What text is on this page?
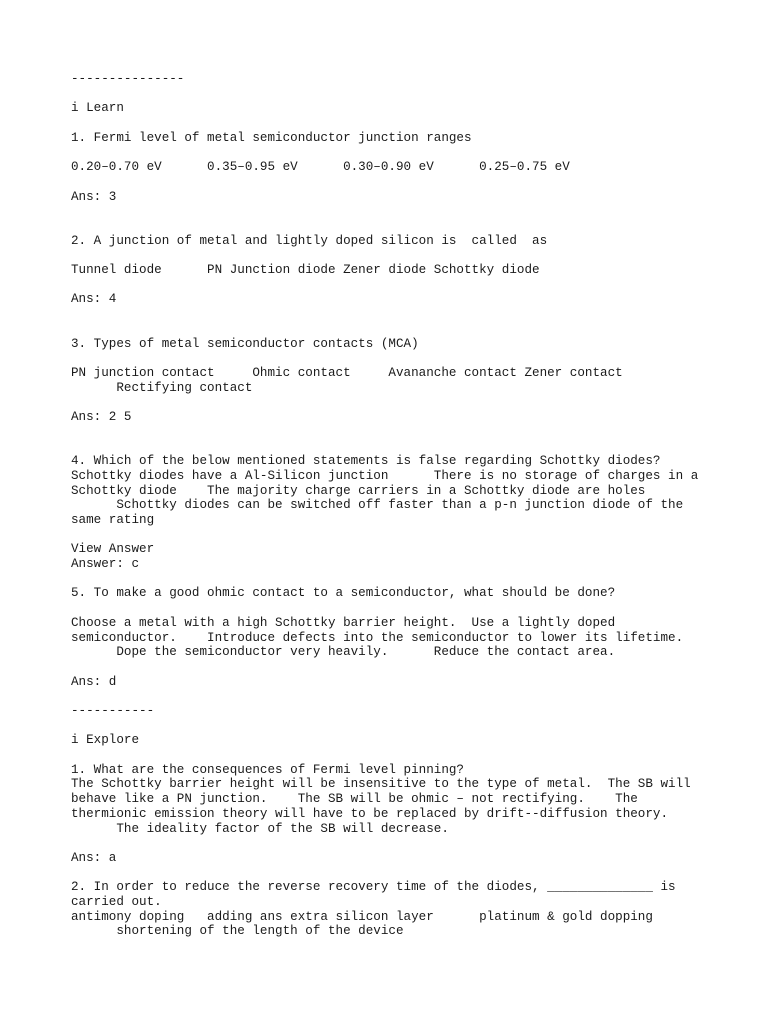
---------------
i Learn
1. Fermi level of metal semiconductor junction ranges
0.20–0.70 eV      0.35–0.95 eV      0.30–0.90 eV      0.25–0.75 eV
Ans: 3
2. A junction of metal and lightly doped silicon is  called  as
Tunnel diode      PN Junction diode Zener diode Schottky diode
Ans: 4
3. Types of metal semiconductor contacts (MCA)
PN junction contact     Ohmic contact     Avananche contact Zener contact
Rectifying contact
Ans: 2 5
4. Which of the below mentioned statements is false regarding Schottky diodes?
Schottky diodes have a Al-Silicon junction      There is no storage of charges in a
Schottky diode    The majority charge carriers in a Schottky diode are holes
Schottky diodes can be switched off faster than a p-n junction diode of the
same rating
View Answer
Answer: c
5. To make a good ohmic contact to a semiconductor, what should be done?
Choose a metal with a high Schottky barrier height.  Use a lightly doped
semiconductor.    Introduce defects into the semiconductor to lower its lifetime.
Dope the semiconductor very heavily.      Reduce the contact area.
Ans: d
-----------
i Explore
1. What are the consequences of Fermi level pinning?
The Schottky barrier height will be insensitive to the type of metal.  The SB will
behave like a PN junction.    The SB will be ohmic – not rectifying.    The
thermionic emission theory will have to be replaced by drift--diffusion theory.
The ideality factor of the SB will decrease.
Ans: a
2. In order to reduce the reverse recovery time of the diodes, ______________ is
carried out.
antimony doping   adding ans extra silicon layer      platinum & gold dopping
shortening of the length of the device
